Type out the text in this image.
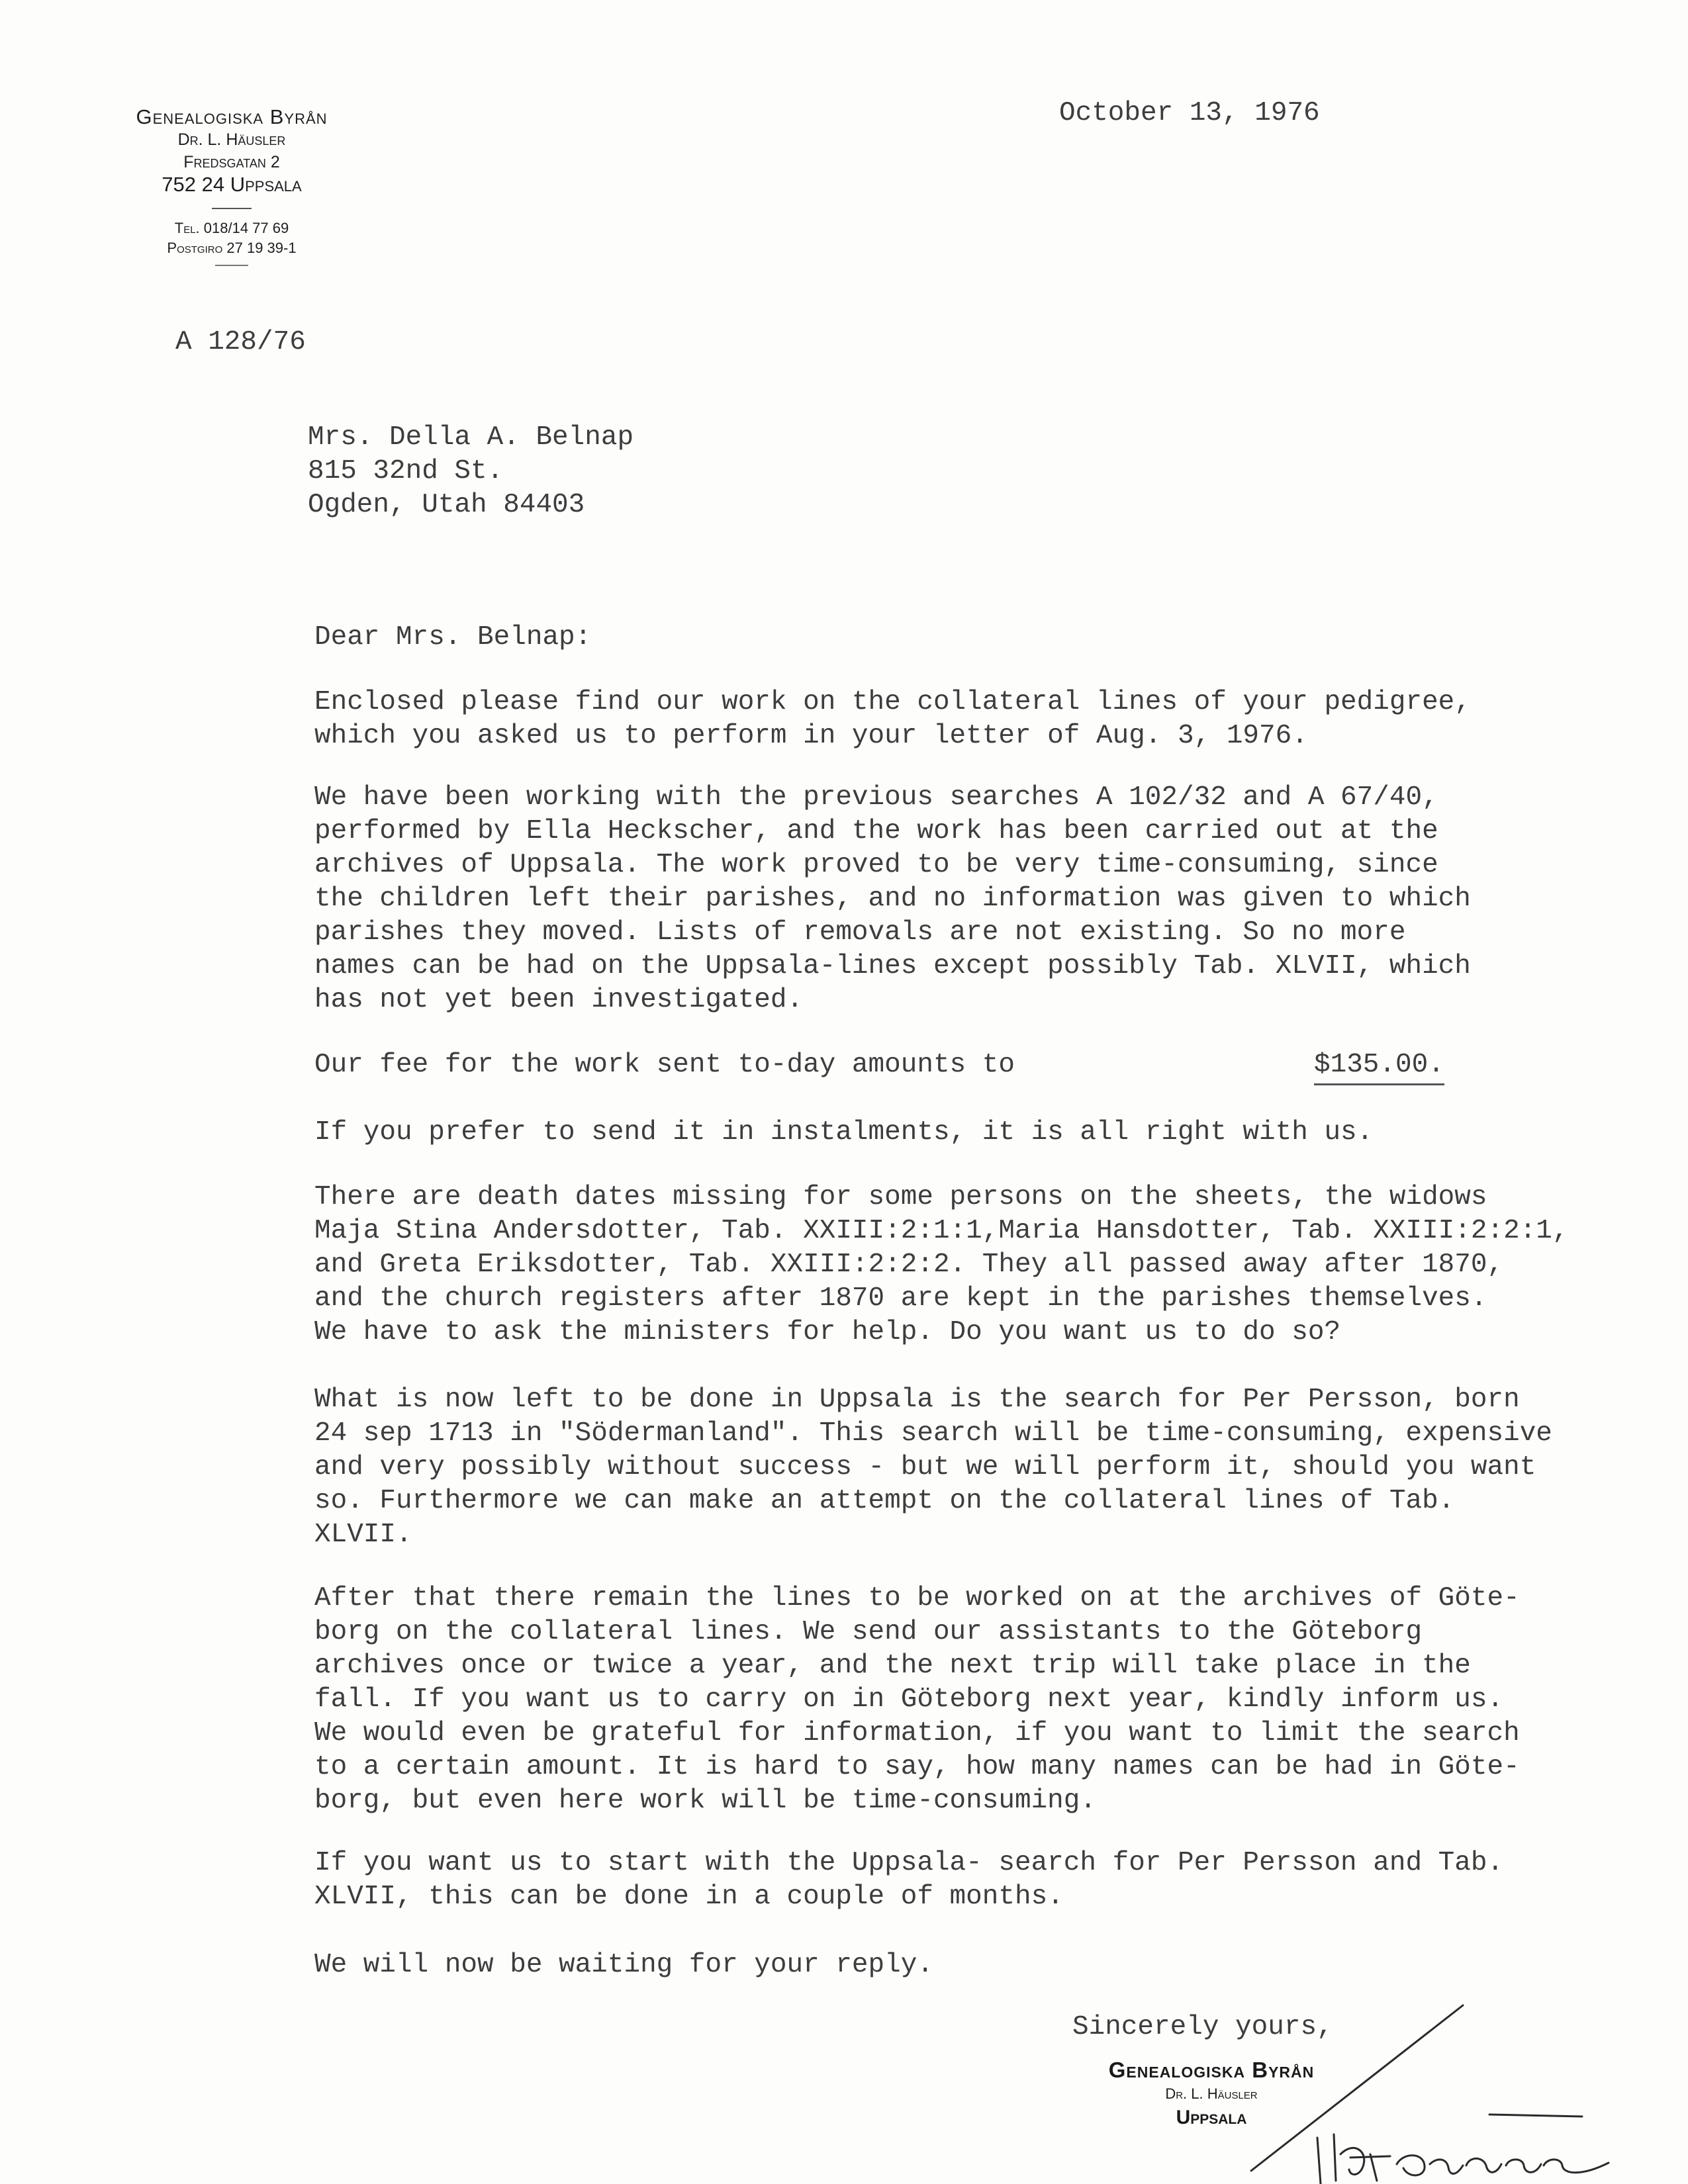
Genealogiska Byrån
Dr. L. Häusler
Fredsgatan 2
752 24 Uppsala
Tel. 018/14 77 69
Postgiro 27 19 39-1
A 128/76
October 13, 1976
Mrs. Della A. Belnap
815 32nd St.
Ogden, Utah 84403
Dear Mrs. Belnap:
Enclosed please find our work on the collateral lines of your pedigree,
which you asked us to perform in your letter of Aug. 3, 1976.
We have been working with the previous searches A 102/32 and A 67/40,
performed by Ella Heckscher, and the work has been carried out at the
archives of Uppsala. The work proved to be very time-consuming, since
the children left their parishes, and no information was given to which
parishes they moved. Lists of removals are not existing. So no more
names can be had on the Uppsala-lines except possibly Tab. XLVII, which
has not yet been investigated.
Our fee for the work sent to-day amounts to	$135.00.
If you prefer to send it in instalments, it is all right with us.
There are death dates missing for some persons on the sheets, the widows
Maja Stina Andersdotter, Tab. XXIII:2:1:1,Maria Hansdotter, Tab. XXIII:2:2:1,
and Greta Eriksdotter, Tab. XXIII:2:2:2. They all passed away after 1870,
and the church registers after 1870 are kept in the parishes themselves.
We have to ask the ministers for help. Do you want us to do so?
What is now left to be done in Uppsala is the search for Per Persson, born
24 sep 1713 in "Södermanland". This search will be time-consuming, expensive
and very possibly without success - but we will perform it, should you want
so. Furthermore we can make an attempt on the collateral lines of Tab.
XLVII.
After that there remain the lines to be worked on at the archives of Göte-
borg on the collateral lines. We send our assistants to the Göteborg
archives once or twice a year, and the next trip will take place in the
fall. If you want us to carry on in Göteborg next year, kindly inform us.
We would even be grateful for information, if you want to limit the search
to a certain amount. It is hard to say, how many names can be had in Göte-
borg, but even here work will be time-consuming.
If you want us to start with the Uppsala- search for Per Persson and Tab.
XLVII, this can be done in a couple of months.
We will now be waiting for your reply.
Sincerely yours,
Genealogiska Byrån
Dr. L. Häusler
Uppsala
